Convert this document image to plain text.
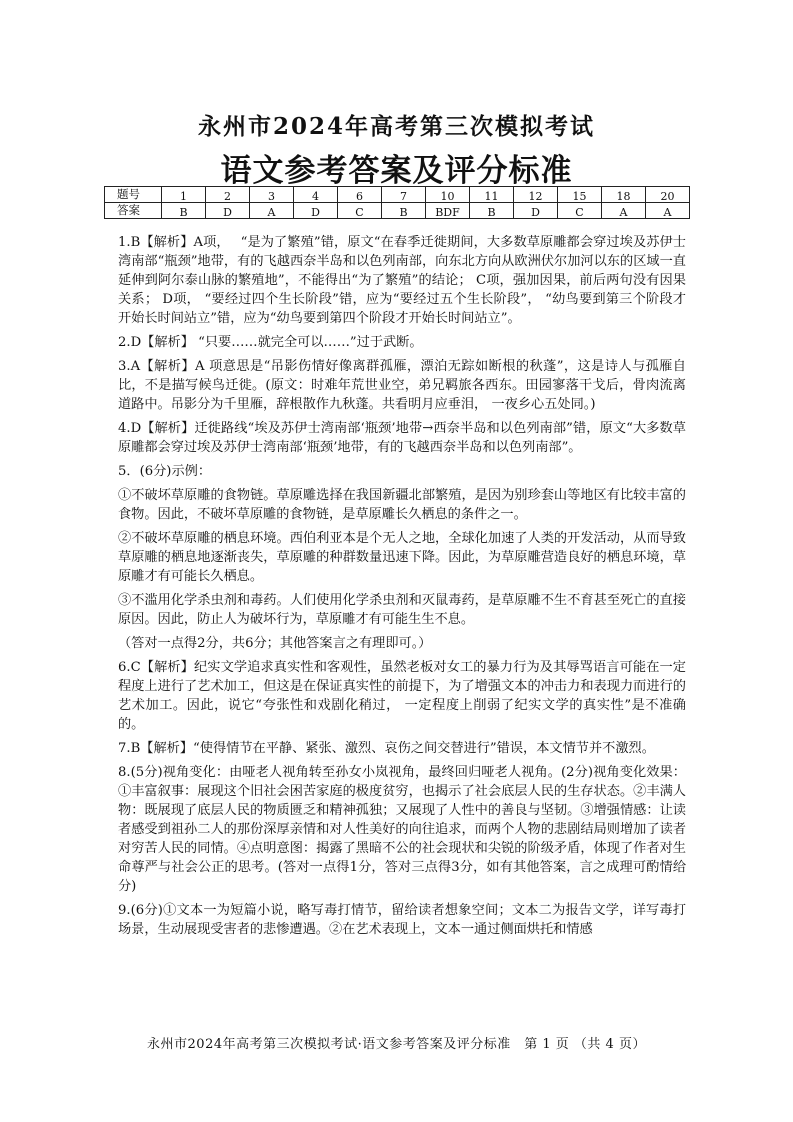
永州市2024年高考第三次模拟考试
语文参考答案及评分标准
题号	1	2	3	4	6	7	10	11	12	15	18	20
答案	B	D	A	D	C	B	BDF	B	D	C	A	A

1.B【解析】A项，　 “是为了繁殖”错，原文“在春季迁徙期间，大多数草原雕都会穿过埃及苏伊士湾南部“瓶颈”地带，有的飞越西奈半岛和以色列南部，向东北方向从欧洲伏尔加河以东的区域一直延伸到阿尔泰山脉的繁殖地”，不能得出“为了繁殖”的结论； C项，强加因果，前后两句没有因果关系； D项， “要经过四个生长阶段”错，应为“要经过五个生长阶段”， “幼鸟要到第三个阶段才开始长时间站立”错，应为“幼鸟要到第四个阶段才开始长时间站立”。

2.D【解析】 “只要……就完全可以……”过于武断。

3.A【解析】A 项意思是“吊影伤情好像离群孤雁，漂泊无踪如断根的秋蓬”，这是诗人与孤雁自比，不是描写候鸟迁徙。(原文：时难年荒世业空，弟兄羁旅各西东。田园寥落干戈后，骨肉流离道路中。吊影分为千里雁，辞根散作九秋蓬。共看明月应垂泪， 一夜乡心五处同。)

4.D【解析】迁徙路线“埃及苏伊士湾南部‘瓶颈’地带→西奈半岛和以色列南部”错，原文“大多数草原雕都会穿过埃及苏伊士湾南部‘瓶颈’地带，有的飞越西奈半岛和以色列南部”。

5．(6分)示例：

①不破坏草原雕的食物链。草原雕选择在我国新疆北部繁殖，是因为别珍套山等地区有比较丰富的食物。因此，不破坏草原雕的食物链，是草原雕长久栖息的条件之一。

②不破坏草原雕的栖息环境。西伯利亚本是个无人之地，全球化加速了人类的开发活动，从而导致草原雕的栖息地逐渐丧失，草原雕的种群数量迅速下降。因此，为草原雕营造良好的栖息环境，草原雕才有可能长久栖息。

③不滥用化学杀虫剂和毒药。人们使用化学杀虫剂和灭鼠毒药，是草原雕不生不育甚至死亡的直接原因。因此，防止人为破坏行为，草原雕才有可能生生不息。

（答对一点得2分，共6分；其他答案言之有理即可。）

6.C【解析】纪实文学追求真实性和客观性，虽然老板对女工的暴力行为及其辱骂语言可能在一定程度上进行了艺术加工，但这是在保证真实性的前提下，为了增强文本的冲击力和表现力而进行的艺术加工。因此，说它“夸张性和戏剧化稍过， 一定程度上削弱了纪实文学的真实性”是不准确的。

7.B【解析】“使得情节在平静、紧张、激烈、哀伤之间交替进行”错误，本文情节并不激烈。

8.(5分)视角变化：由哑老人视角转至孙女小岚视角，最终回归哑老人视角。(2分)视角变化效果：①丰富叙事：展现这个旧社会困苦家庭的极度贫穷，也揭示了社会底层人民的生存状态。②丰满人物：既展现了底层人民的物质匮乏和精神孤独；又展现了人性中的善良与坚韧。③增强情感：让读者感受到祖孙二人的那份深厚亲情和对人性美好的向往追求，而两个人物的悲剧结局则增加了读者对穷苦人民的同情。④点明意图：揭露了黑暗不公的社会现状和尖锐的阶级矛盾，体现了作者对生命尊严与社会公正的思考。(答对一点得1分，答对三点得3分，如有其他答案，言之成理可酌情给分)

9.(6分)①文本一为短篇小说，略写毒打情节，留给读者想象空间；文本二为报告文学，详写毒打场景，生动展现受害者的悲惨遭遇。②在艺术表现上，文本一通过侧面烘托和情感

永州市2024年高考第三次模拟考试·语文参考答案及评分标准　第 1 页 （共 4 页）
